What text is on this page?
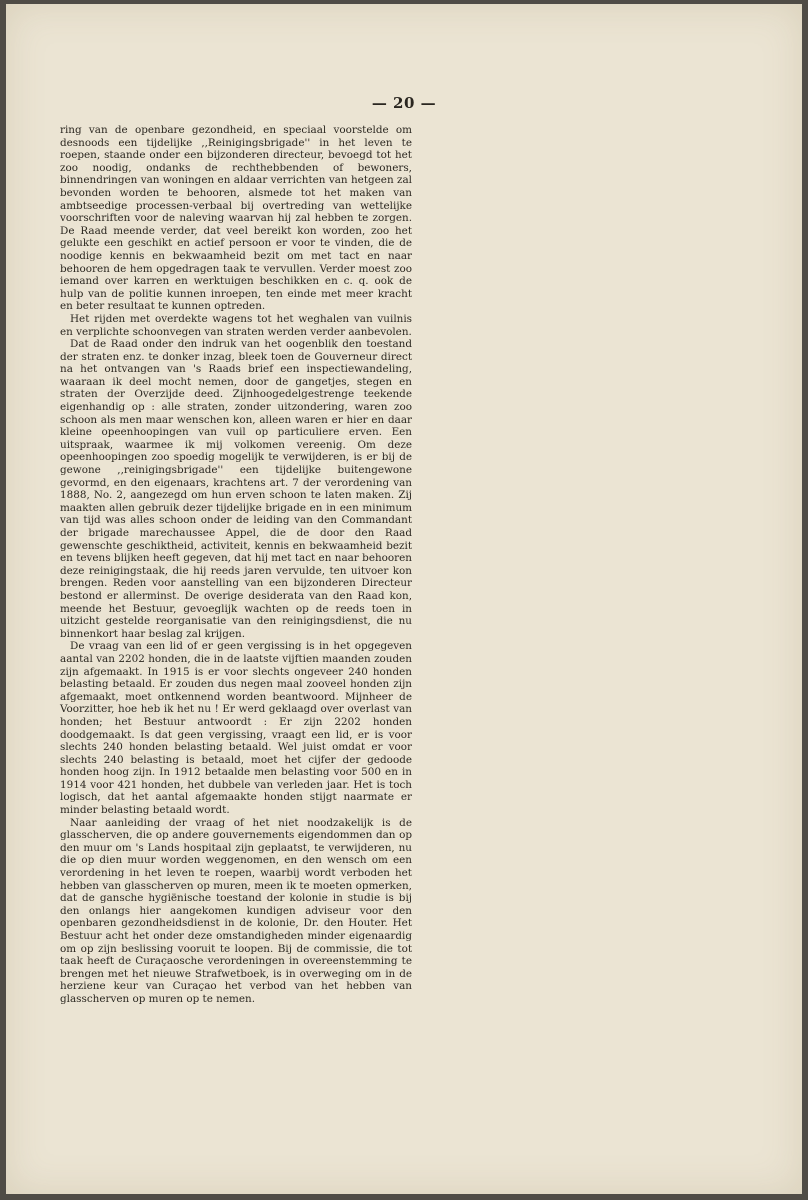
— 20 —

ring van de openbare gezondheid, en speciaal voorstelde om desnoods een tijdelijke ,,Reinigingsbrigade'' in het leven te roepen, staande onder een bijzonderen directeur, bevoegd tot het zoo noodig, ondanks de rechthebbenden of bewoners, binnendringen van woningen en aldaar verrichten van hetgeen zal bevonden worden te behooren, alsmede tot het maken van ambtseedige processen-verbaal bij overtreding van wettelijke voorschriften voor de naleving waarvan hij zal hebben te zorgen. De Raad meende verder, dat veel bereikt kon worden, zoo het gelukte een geschikt en actief persoon er voor te vinden, die de noodige kennis en bekwaamheid bezit om met tact en naar behooren de hem opgedragen taak te vervullen. Verder moest zoo iemand over karren en werktuigen beschikken en c. q. ook de hulp van de politie kunnen inroepen, ten einde met meer kracht en beter resultaat te kunnen optreden.

Het rijden met overdekte wagens tot het weghalen van vuilnis en verplichte schoonvegen van straten werden verder aanbevolen.

Dat de Raad onder den indruk van het oogenblik den toestand der straten enz. te donker inzag, bleek toen de Gouverneur direct na het ontvangen van 's Raads brief een inspectiewandeling, waaraan ik deel mocht nemen, door de gangetjes, stegen en straten der Overzijde deed. Zijnhoogedelgestrenge teekende eigenhandig op : alle straten, zonder uitzondering, waren zoo schoon als men maar wenschen kon, alleen waren er hier en daar kleine opeenhoopingen van vuil op particuliere erven. Een uitspraak, waarmee ik mij volkomen vereenig. Om deze opeenhoopingen zoo spoedig mogelijk te verwijderen, is er bij de gewone ,,reinigingsbrigade'' een tijdelijke buitengewone gevormd, en den eigenaars, krachtens art. 7 der verordening van 1888, No. 2, aangezegd om hun erven schoon te laten maken. Zij maakten allen gebruik dezer tijdelijke brigade en in een minimum van tijd was alles schoon onder de leiding van den Commandant der brigade marechaussee Appel, die de door den Raad gewenschte geschiktheid, activiteit, kennis en bekwaamheid bezit en tevens blijken heeft gegeven, dat hij met tact en naar behooren deze reinigingstaak, die hij reeds jaren vervulde, ten uitvoer kon brengen. Reden voor aanstelling van een bijzonderen Directeur bestond er allerminst. De overige desiderata van den Raad kon, meende het Bestuur, gevoeglijk wachten op de reeds toen in uitzicht gestelde reorganisatie van den reinigingsdienst, die nu binnenkort haar beslag zal krijgen.

De vraag van een lid of er geen vergissing is in het opgegeven aantal van 2202 honden, die in de laatste vijftien maanden zouden zijn afgemaakt. In 1915 is er voor slechts ongeveer 240 honden belasting betaald. Er zouden dus negen maal zooveel honden zijn afgemaakt, moet ontkennend worden beantwoord. Mijnheer de Voorzitter, hoe heb ik het nu ! Er werd geklaagd over overlast van honden; het Bestuur antwoordt : Er zijn 2202 honden doodgemaakt. Is dat geen vergissing, vraagt een lid, er is voor slechts 240 honden belasting betaald. Wel juist omdat er voor slechts 240 belasting is betaald, moet het cijfer der gedoode honden hoog zijn. In 1912 betaalde men belasting voor 500 en in 1914 voor 421 honden, het dubbele van verleden jaar. Het is toch logisch, dat het aantal afgemaakte honden stijgt naarmate er minder belasting betaald wordt.

Naar aanleiding der vraag of het niet noodzakelijk is de glasscherven, die op andere gouvernements eigendommen dan op den muur om 's Lands hospitaal zijn geplaatst, te verwijderen, nu die op dien muur worden weggenomen, en den wensch om een verordening in het leven te roepen, waarbij wordt verboden het hebben van glasscherven op muren, meen ik te moeten opmerken, dat de gansche hygiënische toestand der kolonie in studie is bij den onlangs hier aangekomen kundigen adviseur voor den openbaren gezondheidsdienst in de kolonie, Dr. den Houter. Het Bestuur acht het onder deze omstandigheden minder eigenaardig om op zijn beslissing vooruit te loopen. Bij de commissie, die tot taak heeft de Curaçaosche verordeningen in overeenstemming te brengen met het nieuwe Strafwetboek, is in overweging om in de herziene keur van Curaçao het verbod van het hebben van glasscherven op muren op te nemen.
